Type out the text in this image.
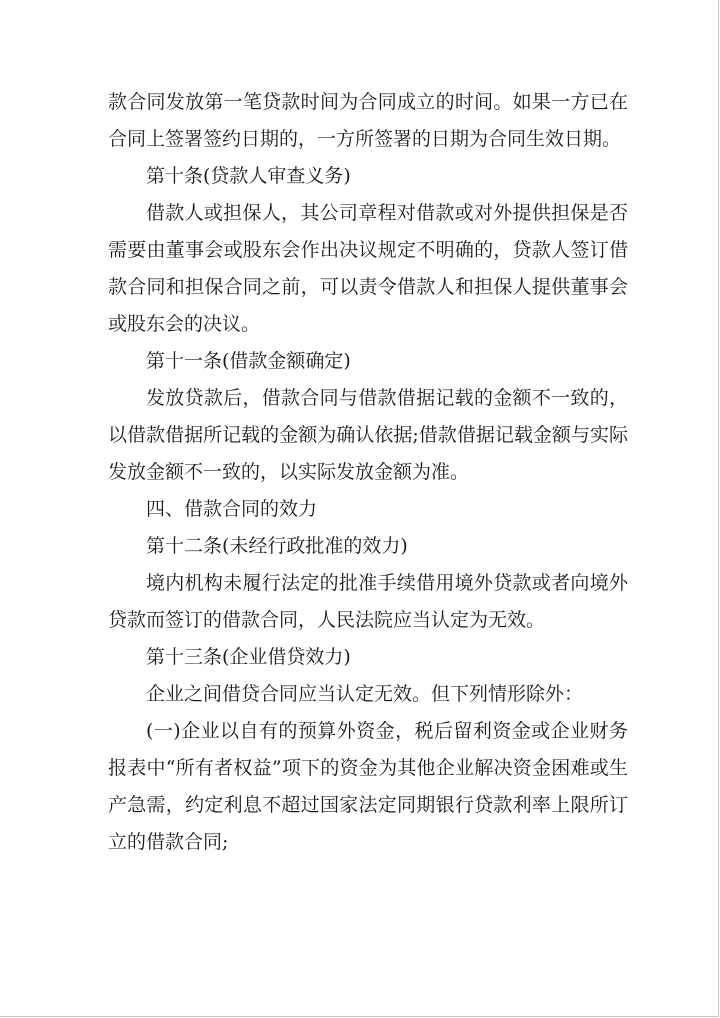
款合同发放第一笔贷款时间为合同成立的时间。如果一方已在合同上签署签约日期的，一方所签署的日期为合同生效日期。

第十条(贷款人审查义务)

借款人或担保人，其公司章程对借款或对外提供担保是否需要由董事会或股东会作出决议规定不明确的，贷款人签订借款合同和担保合同之前，可以责令借款人和担保人提供董事会或股东会的决议。

第十一条(借款金额确定)

发放贷款后，借款合同与借款借据记载的金额不一致的，以借款借据所记载的金额为确认依据;借款借据记载金额与实际发放金额不一致的，以实际发放金额为准。

四、借款合同的效力

第十二条(未经行政批准的效力)

境内机构未履行法定的批准手续借用境外贷款或者向境外贷款而签订的借款合同，人民法院应当认定为无效。

第十三条(企业借贷效力)

企业之间借贷合同应当认定无效。但下列情形除外：

(一)企业以自有的预算外资金，税后留利资金或企业财务报表中“所有者权益”项下的资金为其他企业解决资金困难或生产急需，约定利息不超过国家法定同期银行贷款利率上限所订立的借款合同;
